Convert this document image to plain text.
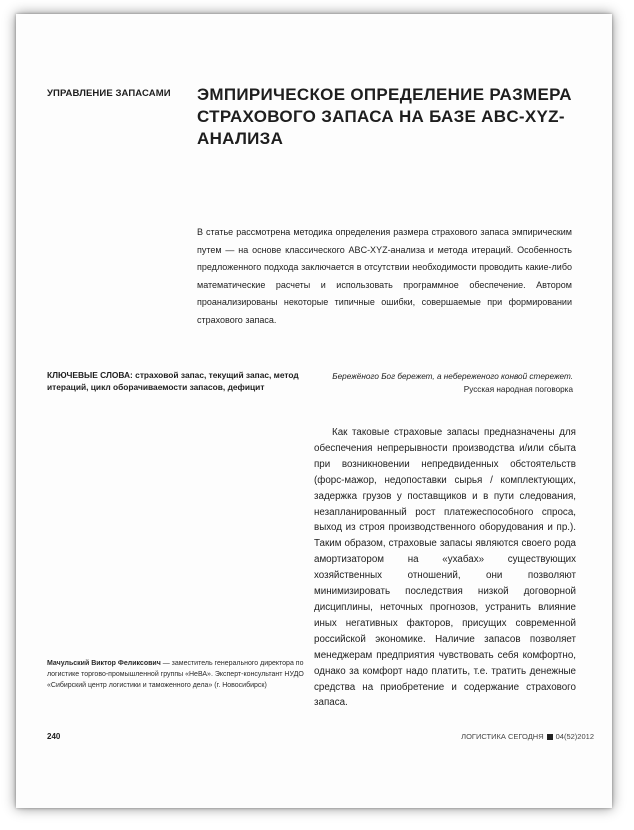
УПРАВЛЕНИЕ ЗАПАСАМИ ЭМПИРИЧЕСКОЕ ОПРЕДЕЛЕНИЕ РАЗМЕРА СТРАХОВОГО ЗАПАСА НА БАЗЕ ABC-XYZ-АНАЛИЗА

В статье рассмотрена методика определения размера страхового запаса эмпирическим путем — на основе классического ABC-XYZ-анализа и метода итераций. Особенность предложенного подхода заключается в отсутствии необходимости проводить какие-либо математические расчеты и использовать программное обеспечение. Автором проанализированы некоторые типичные ошибки, совершаемые при формировании страхового запаса.

КЛЮЧЕВЫЕ СЛОВА: страховой запас, текущий запас, метод итераций, цикл оборачиваемости запасов, дефицит
Бережёного Бог бережет, а небереженого конвой стережет.
Русская народная поговорка

Как таковые страховые запасы предназначены для обеспечения непрерывности производства и/или сбыта при возникновении непредвиденных обстоятельств (форс-мажор, недопоставки сырья / комплектующих, задержка грузов у поставщиков и в пути следования, незапланированный рост платежеспособного спроса, выход из строя производственного оборудования и пр.). Таким образом, страховые запасы являются своего рода амортизатором на «ухабах» существующих хозяйственных отношений, они позволяют минимизировать последствия низкой договорной дисциплины, неточных прогнозов, устранить влияние иных негативных факторов, присущих современной российской экономике. Наличие запасов позволяет менеджерам предприятия чувствовать себя комфортно, однако за комфорт надо платить, т.е. тратить денежные средства на приобретение и содержание страхового запаса.

Мачульский Виктор Феликсович — заместитель генерального директора по логистике торгово-промышленной группы «НеВА». Эксперт-консультант НУДО «Сибирский центр логистики и таможенного дела» (г. Новосибирск)
240	ЛОГИСТИКА СЕГОДНЯ 04(52)2012
